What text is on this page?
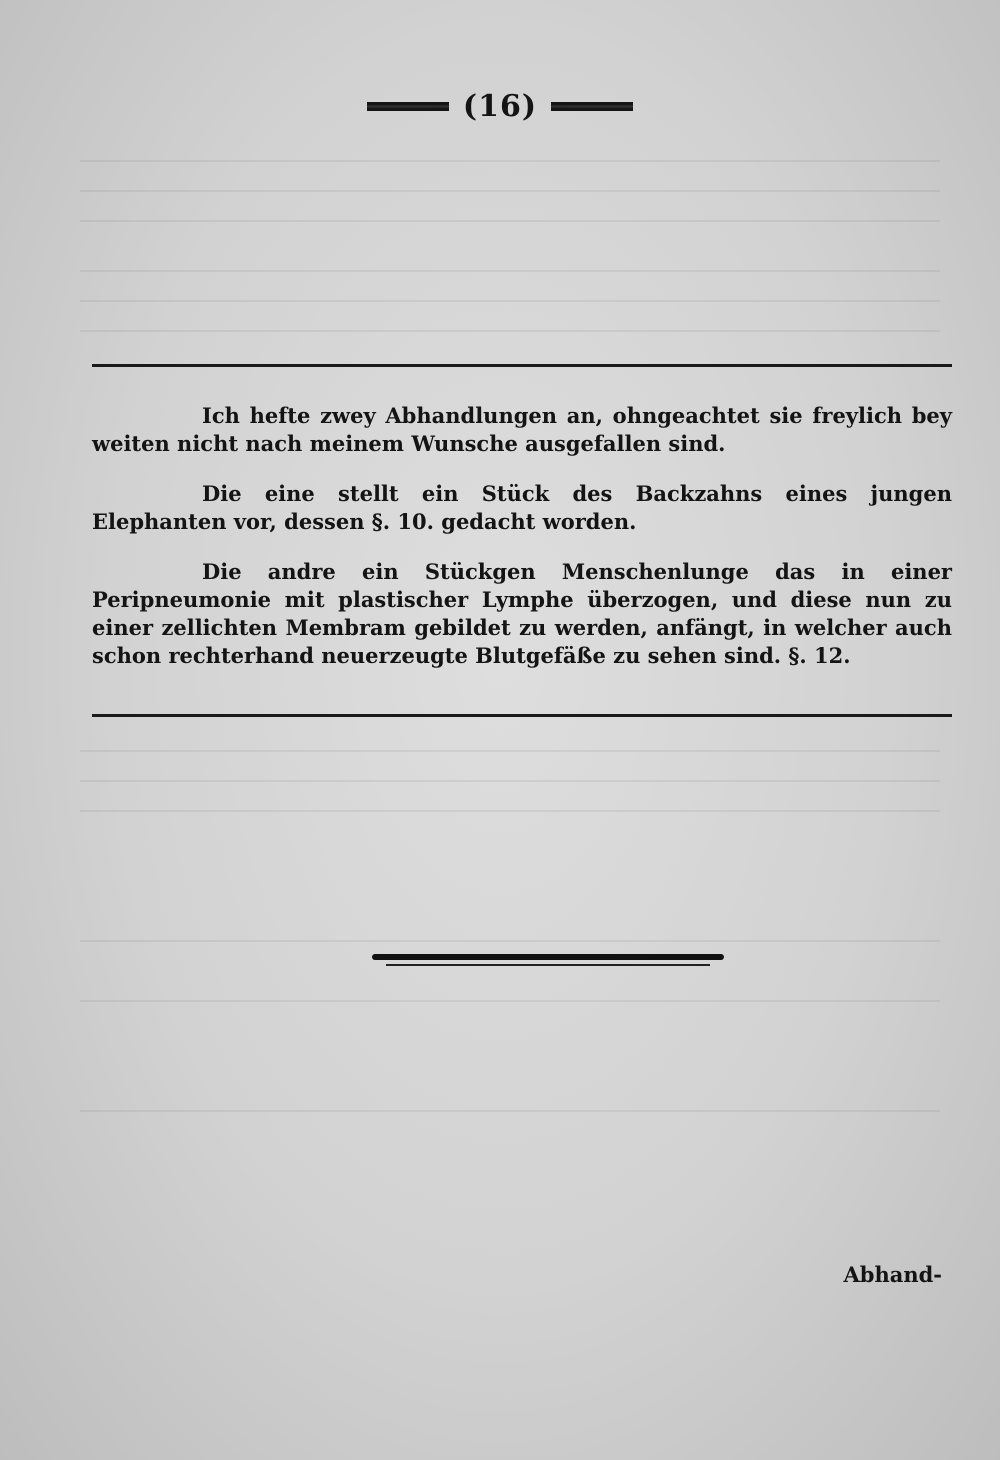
(16)

Ich hefte zwey Abhandlungen an, ohngeachtet sie freylich bey weiten nicht nach meinem Wunsche ausgefallen sind.

Die eine stellt ein Stück des Backzahns eines jungen Elephanten vor, dessen §. 10. gedacht worden.

Die andre ein Stückgen Menschenlunge das in einer Peripneumonie mit plastischer Lymphe überzogen, und diese nun zu einer zellichten Membram gebildet zu werden, anfängt, in welcher auch schon rechterhand neuerzeugte Blutgefäße zu sehen sind. §. 12.

Abhand-
